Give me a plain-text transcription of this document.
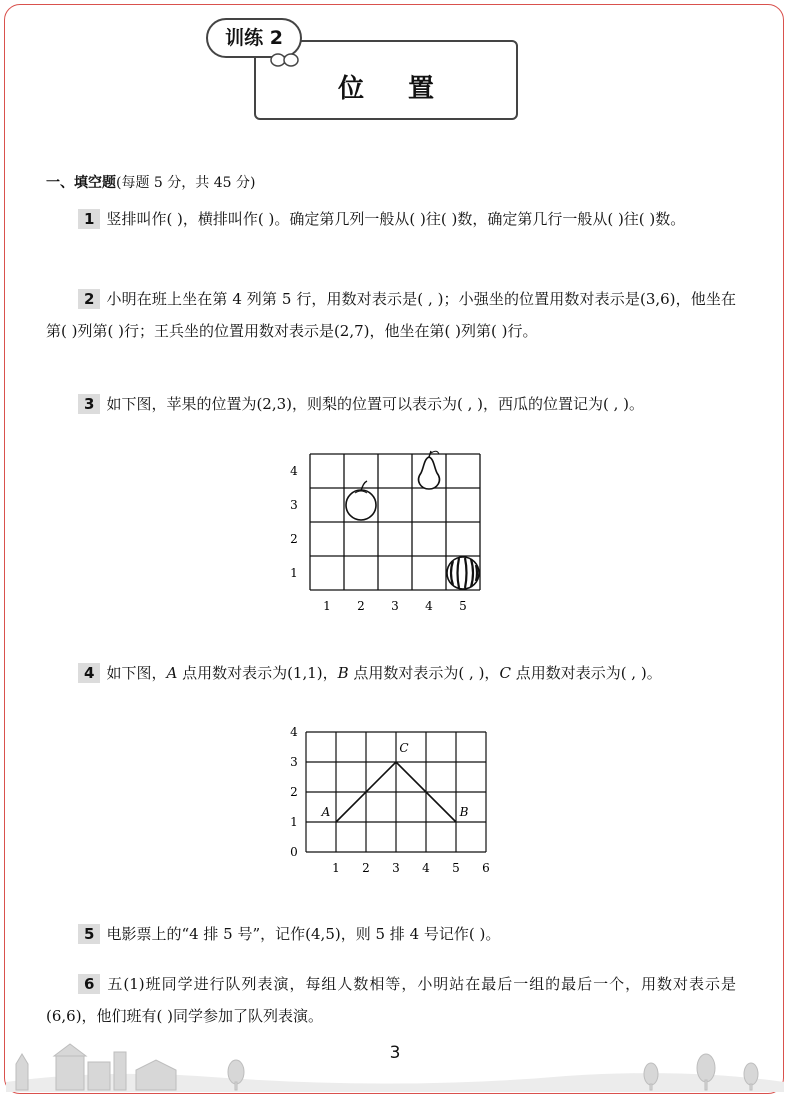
位置
训练 2
一、填空题(每题 5 分，共 45 分)
1 竖排叫作( )，横排叫作( )。确定第几列一般从( )往( )数，确定第几行一般从( )往( )数。
2 小明在班上坐在第 4 列第 5 行，用数对表示是( , )；小强坐的位置用数对表示是(3,6)，他坐在第( )列第( )行；王兵坐的位置用数对表示是(2,7)，他坐在第( )列第( )行。
3 如下图，苹果的位置为(2,3)，则梨的位置可以表示为( , )，西瓜的位置记为( , )。
1 2 3 4 5
1
2
3
4
4 如下图，A 点用数对表示为(1,1)，B 点用数对表示为( , )，C 点用数对表示为( , )。
0
1 2 3 4 5 6
1
2
3
4
A
C
B
5 电影票上的“4 排 5 号”，记作(4,5)，则 5 排 4 号记作( )。
6 五(1)班同学进行队列表演，每组人数相等，小明站在最后一组的最后一个，用数对表示是(6,6)，他们班有( )同学参加了队列表演。
3
